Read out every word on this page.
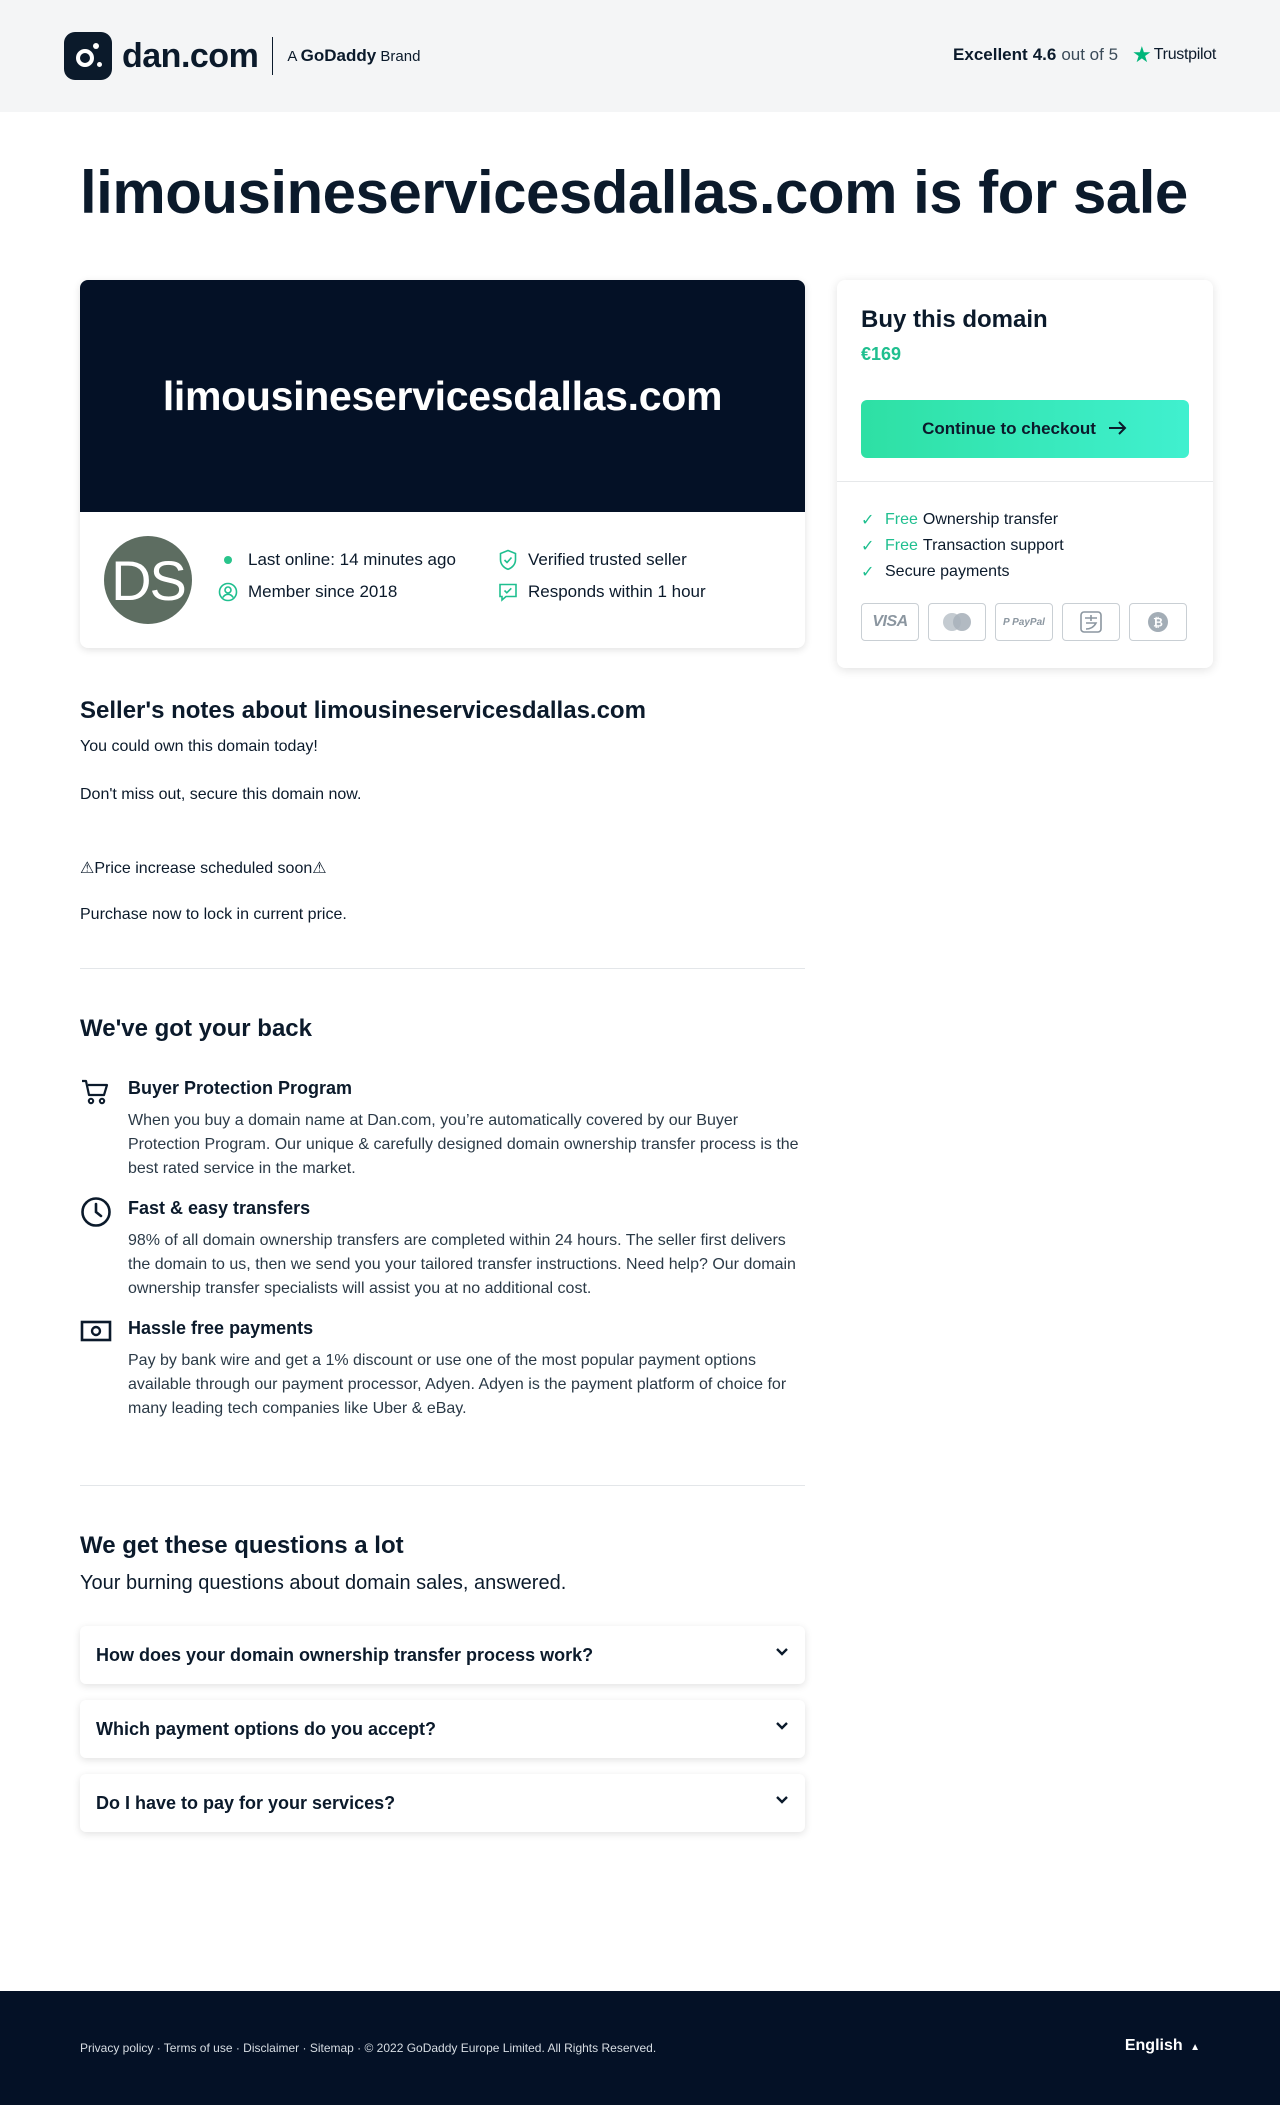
dan.com A GoDaddy Brand	Excellent 4.6 out of 5 ★ Trustpilot
limousineservicesdallas.com is for sale
limousineservicesdallas.com
DS	Last online: 14 minutes ago
Member since 2018
Verified trusted seller
Responds within 1 hour
Buy this domain
€169
Continue to checkout
✓ Free Ownership transfer
✓ Free Transaction support
✓ Secure payments
VISA	P PayPal	₿
Seller's notes about limousineservicesdallas.com

You could own this domain today!

Don't miss out, secure this domain now.

⚠Price increase scheduled soon⚠

Purchase now to lock in current price.

We've got your back
Buyer Protection Program

When you buy a domain name at Dan.com, you’re automatically covered by our Buyer Protection Program. Our unique & carefully designed domain ownership transfer process is the best rated service in the market.

Fast & easy transfers

98% of all domain ownership transfers are completed within 24 hours. The seller first delivers the domain to us, then we send you your tailored transfer instructions. Need help? Our domain ownership transfer specialists will assist you at no additional cost.

Hassle free payments

Pay by bank wire and get a 1% discount or use one of the most popular payment options available through our payment processor, Adyen. Adyen is the payment platform of choice for many leading tech companies like Uber & eBay.

We get these questions a lot

Your burning questions about domain sales, answered.

How does your domain ownership transfer process work?
Which payment options do you accept?
Do I have to pay for your services?
Privacy policy · Terms of use · Disclaimer · Sitemap · © 2022 GoDaddy Europe Limited. All Rights Reserved.	English ▲
